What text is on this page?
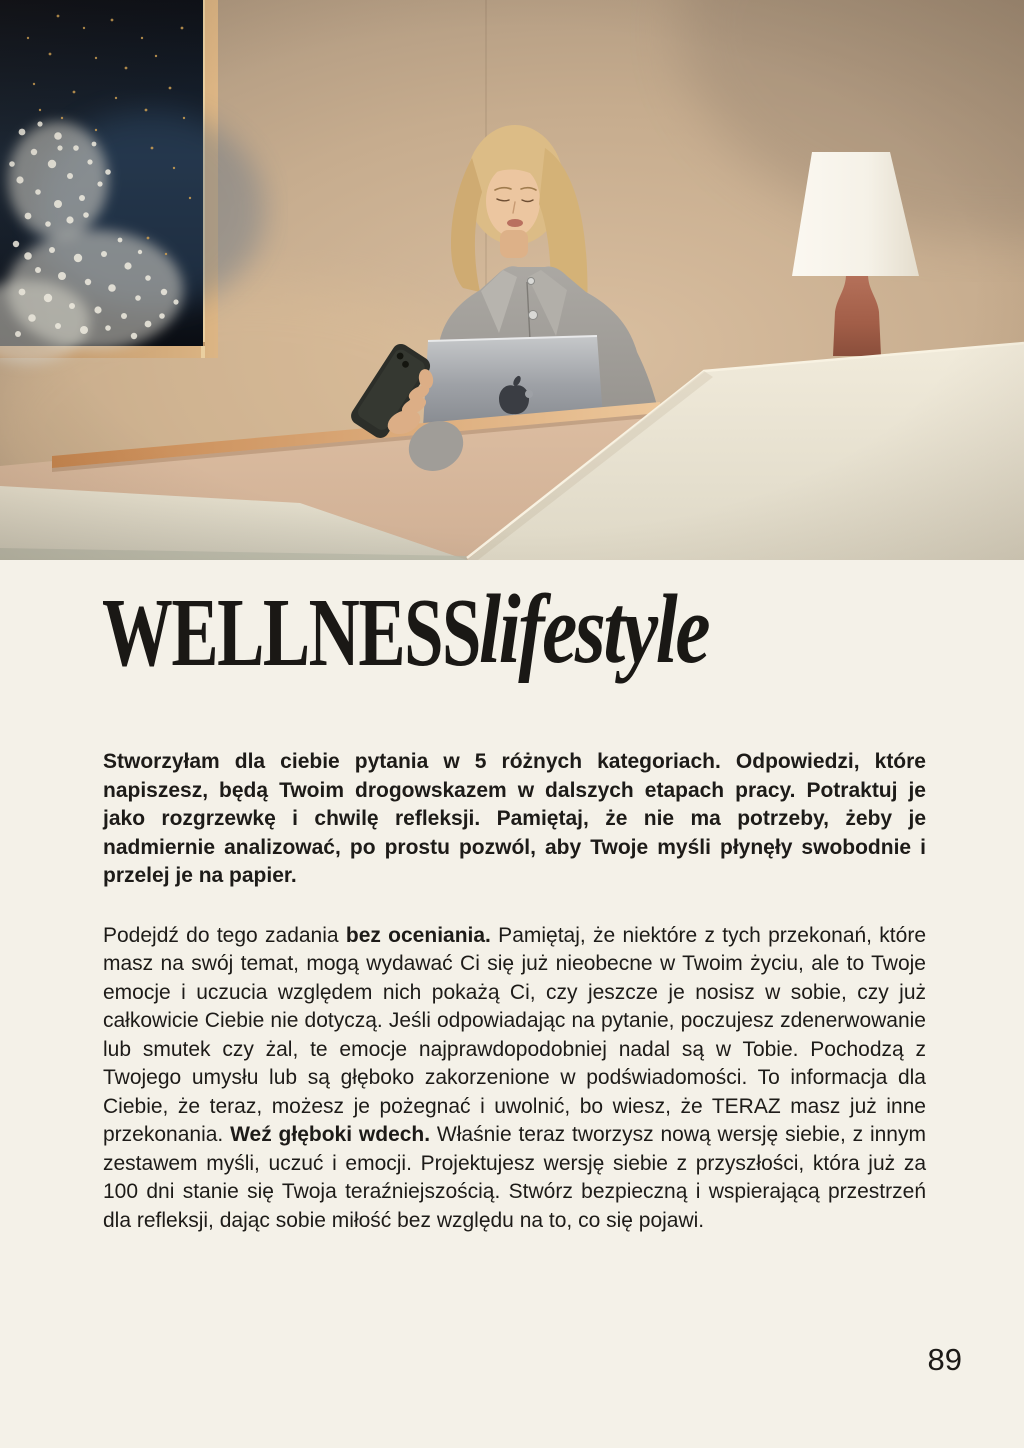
WELLNESS lifestyle

Stworzyłam dla ciebie pytania w 5 różnych kategoriach. Odpowiedzi, które napiszesz, będą Twoim drogowskazem w dalszych etapach pracy. Potraktuj je jako rozgrzewkę i chwilę refleksji. Pamiętaj, że nie ma potrzeby, żeby je nadmiernie analizować, po prostu pozwól, aby Twoje myśli płynęły swobodnie i przelej je na papier.

Podejdź do tego zadania bez oceniania. Pamiętaj, że niektóre z tych przekonań, które masz na swój temat, mogą wydawać Ci się już nieobecne w Twoim życiu, ale to Twoje emocje i uczucia względem nich pokażą Ci, czy jeszcze je nosisz w sobie, czy już całkowicie Ciebie nie dotyczą. Jeśli odpowiadając na pytanie, poczujesz zdenerwowanie lub smutek czy żal, te emocje najprawdopodobniej nadal są w Tobie. Pochodzą z Twojego umysłu lub są głęboko zakorzenione w podświadomości. To informacja dla Ciebie, że teraz, możesz je pożegnać i uwolnić, bo wiesz, że TERAZ masz już inne przekonania. Weź głęboki wdech. Właśnie teraz tworzysz nową wersję siebie, z innym zestawem myśli, uczuć i emocji. Projektujesz wersję siebie z przyszłości, która już za 100 dni stanie się Twoja teraźniejszością. Stwórz bezpieczną i wspierającą przestrzeń dla refleksji, dając sobie miłość bez względu na to, co się pojawi.

89
